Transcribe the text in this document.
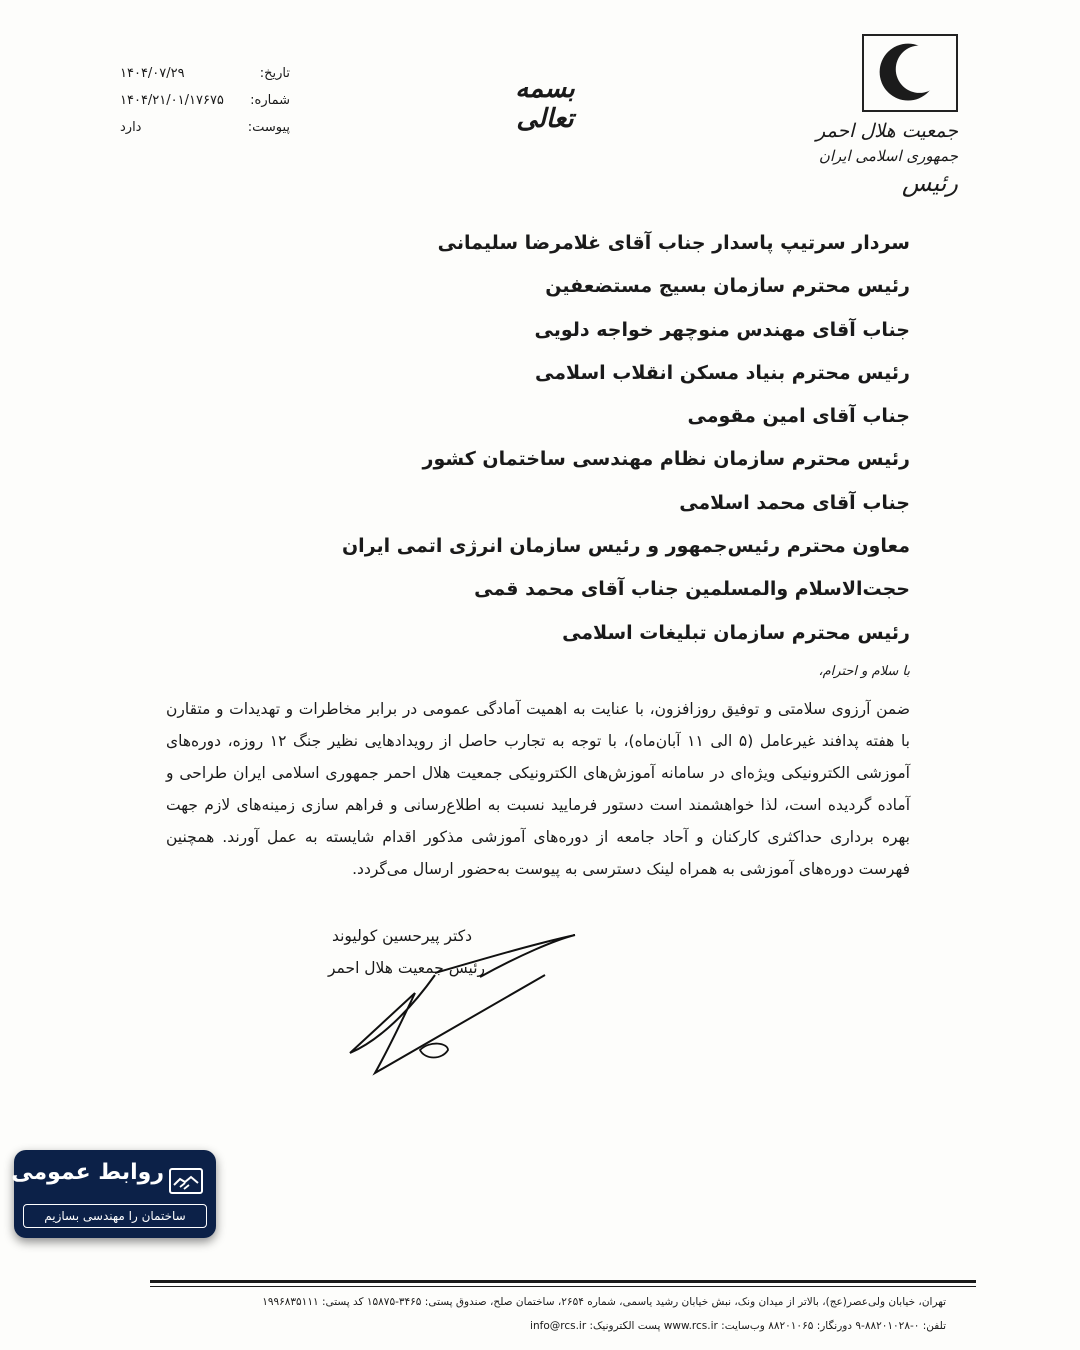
جمعیت هلال احمر
جمهوری اسلامی ایران
رئیس
بسمه تعالی
تاریخ:
۱۴۰۴/۰۷/۲۹
شماره:
۱۴۰۴/۲۱/۰۱/۱۷۶۷۵
پیوست:
دارد
سردار سرتیپ پاسدار جناب آقای غلامرضا سلیمانی
رئیس محترم سازمان بسیج مستضعفین
جناب آقای مهندس منوچهر خواجه دلویی
رئیس محترم بنیاد مسکن انقلاب اسلامی
جناب آقای امین مقومی
رئیس محترم سازمان نظام مهندسی ساختمان کشور
جناب آقای محمد اسلامی
معاون محترم رئیس‌جمهور و رئیس سازمان انرژی اتمی ایران
حجت‌الاسلام والمسلمین جناب آقای محمد قمی
رئیس محترم سازمان تبلیغات اسلامی
با سلام و احترام،
ضمن آرزوی سلامتی و توفیق روزافزون، با عنایت به اهمیت آمادگی عمومی در برابر مخاطرات و تهدیدات و متقارن با هفته پدافند غیرعامل (۵ الی ۱۱ آبان‌ماه)، با توجه به تجارب حاصل از رویدادهایی نظیر جنگ ۱۲ روزه، دوره‌های آموزشی الکترونیکی ویژه‌ای در سامانه آموزش‌های الکترونیکی جمعیت هلال احمر جمهوری اسلامی ایران طراحی و آماده گردیده است، لذا خواهشمند است دستور فرمایید نسبت به اطلاع‌رسانی و فراهم سازی زمینه‌های لازم جهت بهره برداری حداکثری کارکنان و آحاد جامعه از دوره‌های آموزشی مذکور اقدام شایسته به عمل آورند. همچنین فهرست دوره‌های آموزشی به همراه لینک دسترسی به پیوست به‌حضور ارسال می‌گردد.
دکتر پیرحسین کولیوند
رئیس جمعیت هلال احمر
روابط عمومی
ساختمان را مهندسی بسازیم
تهران، خیابان ولی‌عصر(عج)، بالاتر از میدان ونک، نبش خیابان رشید یاسمی، شماره ۲۶۵۴، ساختمان صلح، صندوق پستی: ۳۴۶۵-۱۵۸۷۵ کد پستی: ۱۹۹۶۸۳۵۱۱۱
تلفن: ۰-۸۸۲۰۱۰۲۸-۹ دورنگار: ۸۸۲۰۱۰۶۵ وب‌سایت: www.rcs.ir پست الکترونیک: info@rcs.ir
